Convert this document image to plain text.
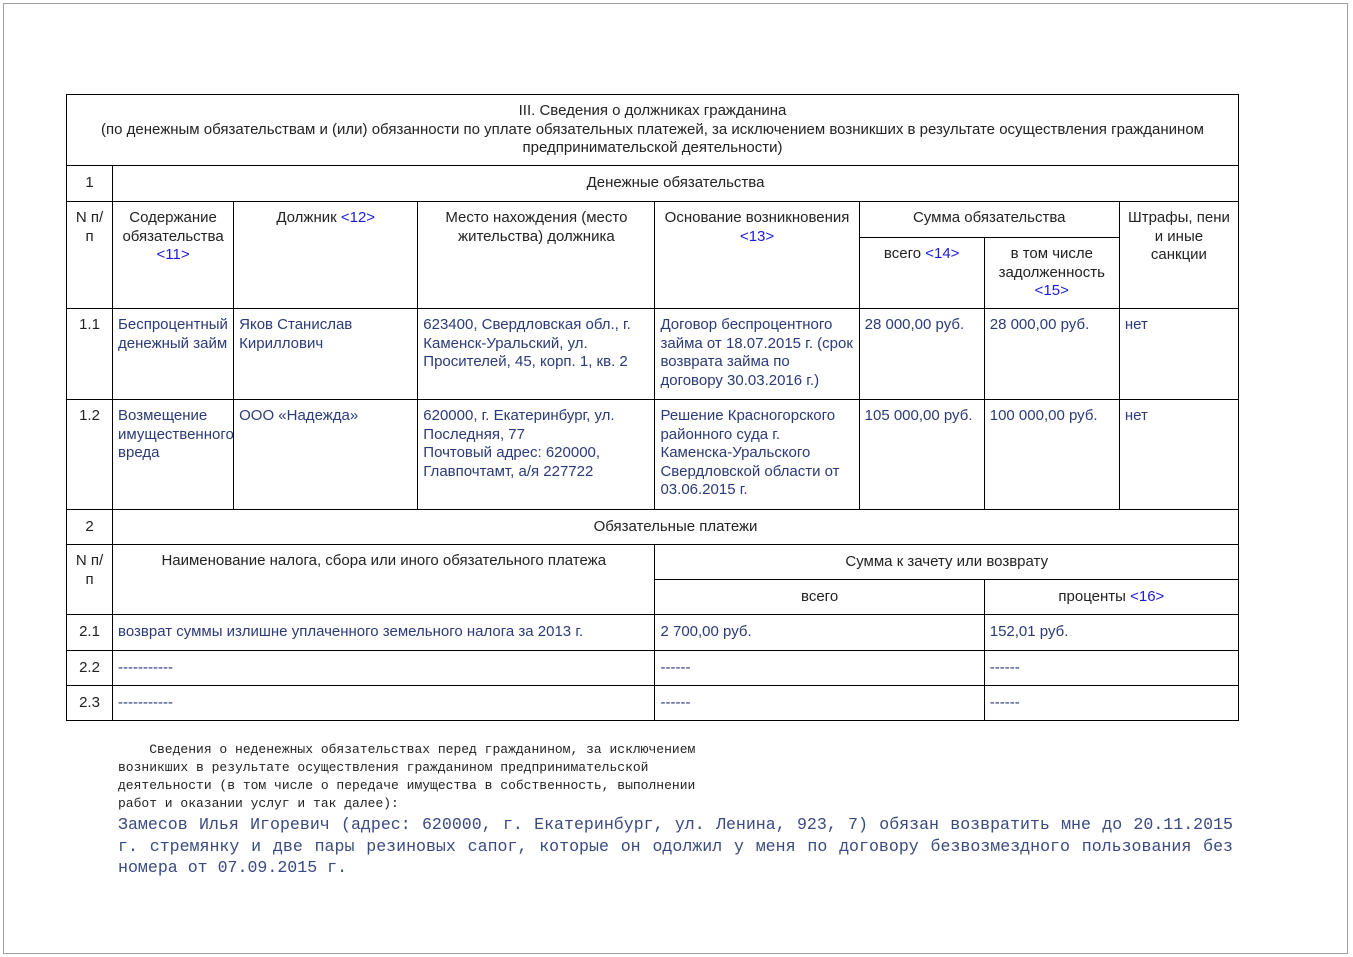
III. Сведения о должниках гражданина
(по денежным обязательствам и (или) обязанности по уплате обязательных платежей, за исключением возникших в результате осуществления гражданином предпринимательской деятельности)							
1	Денежные обязательства						
N п/п	Содержание обязательства
<11>	Должник <12>	Место нахождения (место жительства) должника	Основание возникновения <13>	Сумма обязательства		Штрафы, пени и иные санкции
					всего <14>	в том числе задолженность
<15>	
1.1	Беспроцентный денежный займ	Яков Станислав Кириллович	623400, Свердловская обл., г. Каменск-Уральский, ул. Просителей, 45, корп. 1, кв. 2	Договор беспроцентного займа от 18.07.2015 г. (срок возврата займа по договору 30.03.2016 г.)	28 000,00 руб.	28 000,00 руб.	нет
1.2	Возмещение имущественного вреда	ООО «Надежда»	620000, г. Екатеринбург, ул. Последняя, 77
Почтовый адрес: 620000, Главпочтамт, а/я 227722	Решение Красногорского районного суда г. Каменска-Уральского Свердловской области от 03.06.2015 г.	105 000,00 руб.	100 000,00 руб.	нет
2	Обязательные платежи						
N п/п	Наименование налога, сбора или иного обязательного платежа			Сумма к зачету или возврату			
				всего		проценты <16>	
2.1	возврат суммы излишне уплаченного земельного налога за 2013 г.			2 700,00 руб.		152,01 руб.	
2.2	-----------			------		------	
2.3	-----------			------		------	
Сведения о неденежных обязательствах перед гражданином, за исключением
возникших в результате осуществления гражданином предпринимательской
деятельности (в том числе о передаче имущества в собственность, выполнении
работ и оказании услуг и так далее):
Замесов Илья Игоревич (адрес: 620000, г. Екатеринбург, ул. Ленина, 923, 7) обязан возвратить мне до 20.11.2015 г. стремянку и две пары резиновых сапог, которые он одолжил у меня по договору безвозмездного пользования без номера от 07.09.2015 г.
